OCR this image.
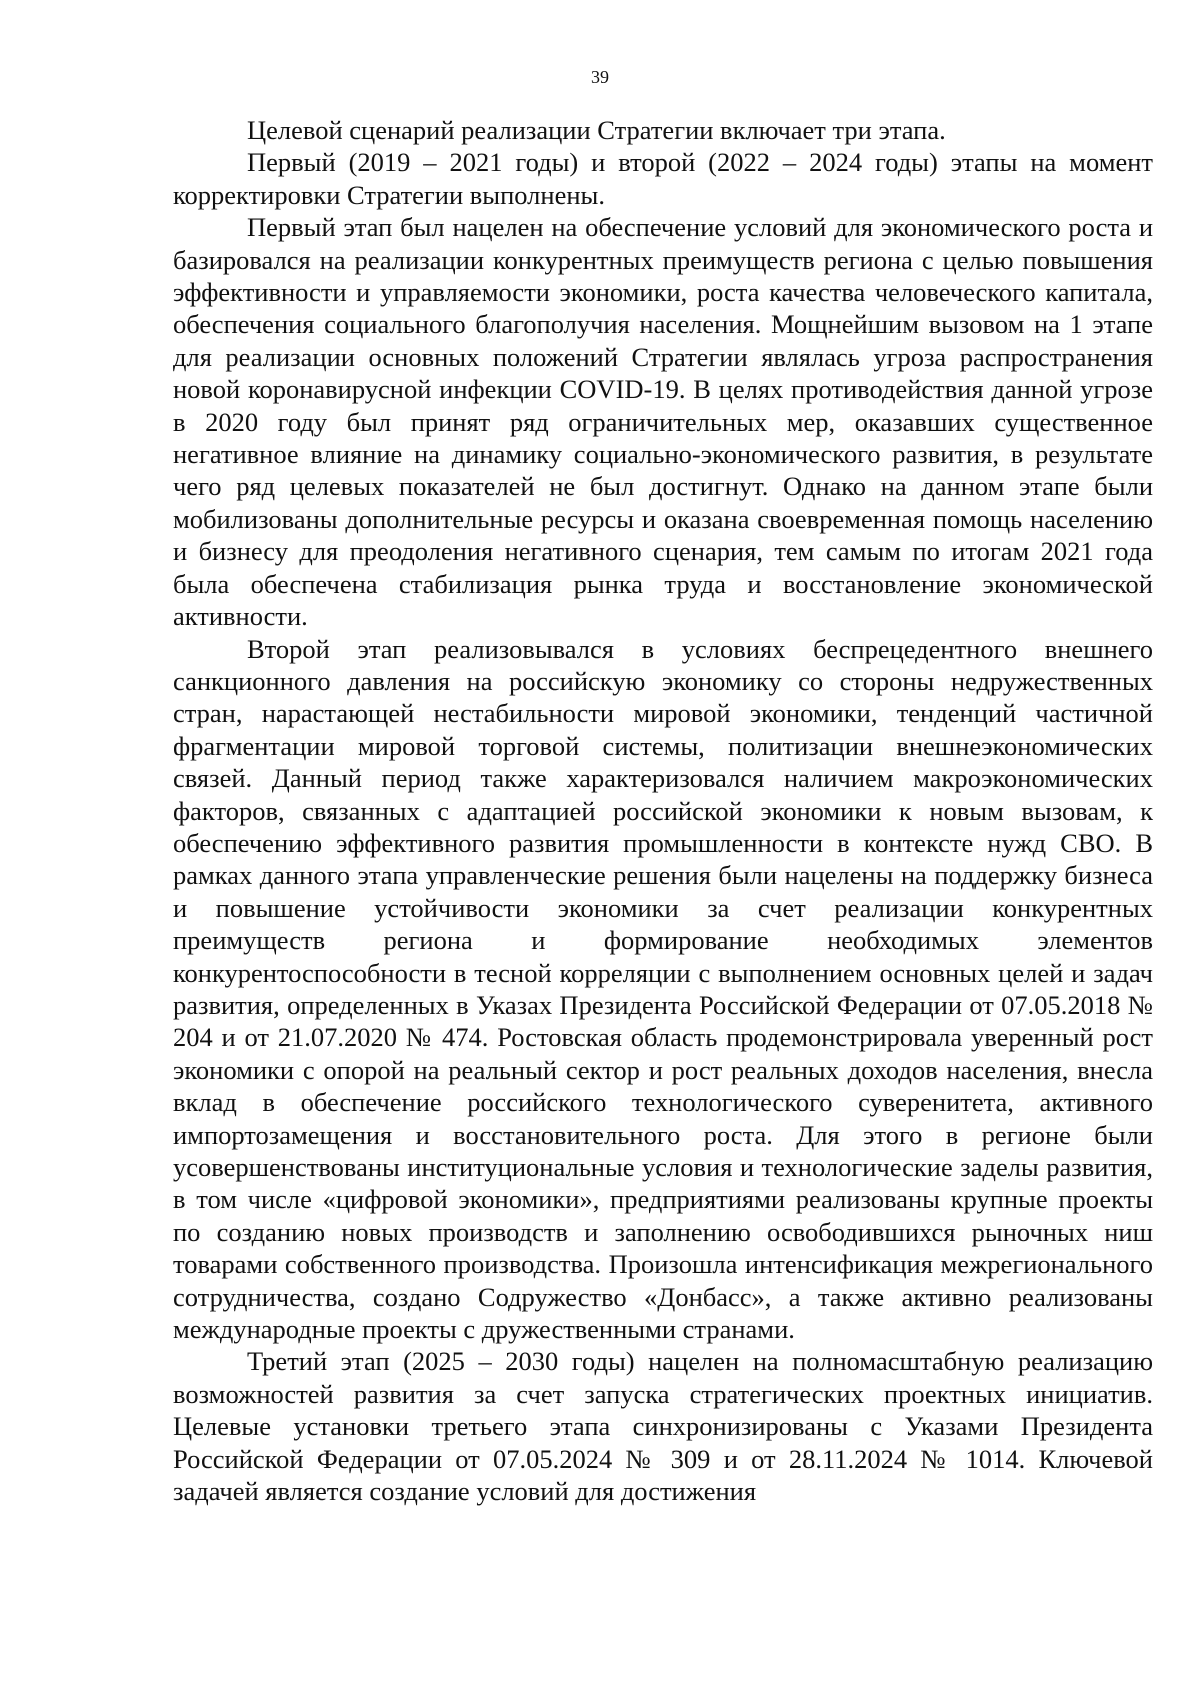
39

Целевой сценарий реализации Стратегии включает три этапа.

Первый (2019 – 2021 годы) и второй (2022 – 2024 годы) этапы на момент корректировки Стратегии выполнены.

Первый этап был нацелен на обеспечение условий для экономического роста и базировался на реализации конкурентных преимуществ региона с целью повышения эффективности и управляемости экономики, роста качества человеческого капитала, обеспечения социального благополучия населения. Мощнейшим вызовом на 1 этапе для реализации основных положений Стратегии являлась угроза распространения новой коронавирусной инфекции COVID-19. В целях противодействия данной угрозе в 2020 году был принят ряд ограничительных мер, оказавших существенное негативное влияние на динамику социально-экономического развития, в результате чего ряд целевых показателей не был достигнут. Однако на данном этапе были мобилизованы дополнительные ресурсы и оказана своевременная помощь населению и бизнесу для преодоления негативного сценария, тем самым по итогам 2021 года была обеспечена стабилизация рынка труда и восстановление экономической активности.

Второй этап реализовывался в условиях беспрецедентного внешнего санкционного давления на российскую экономику со стороны недружественных стран, нарастающей нестабильности мировой экономики, тенденций частичной фрагментации мировой торговой системы, политизации внешнеэкономических связей. Данный период также характеризовался наличием макроэкономических факторов, связанных с адаптацией российской экономики к новым вызовам, к обеспечению эффективного развития промышленности в контексте нужд СВО. В рамках данного этапа управленческие решения были нацелены на поддержку бизнеса и повышение устойчивости экономики за счет реализации конкурентных преимуществ региона и формирование необходимых элементов конкурентоспособности в тесной корреляции с выполнением основных целей и задач развития, определенных в Указах Президента Российской Федерации от 07.05.2018 № 204 и от 21.07.2020 № 474. Ростовская область продемонстрировала уверенный рост экономики с опорой на реальный сектор и рост реальных доходов населения, внесла вклад в обеспечение российского технологического суверенитета, активного импортозамещения и восстановительного роста. Для этого в регионе были усовершенствованы институциональные условия и технологические заделы развития, в том числе «цифровой экономики», предприятиями реализованы крупные проекты по созданию новых производств и заполнению освободившихся рыночных ниш товарами собственного производства. Произошла интенсификация межрегионального сотрудничества, создано Содружество «Донбасс», а также активно реализованы международные проекты с дружественными странами.

Третий этап (2025 – 2030 годы) нацелен на полномасштабную реализацию возможностей развития за счет запуска стратегических проектных инициатив. Целевые установки третьего этапа синхронизированы с Указами Президента Российской Федерации от 07.05.2024 № 309 и от 28.11.2024 № 1014. Ключевой задачей является создание условий для достижения
